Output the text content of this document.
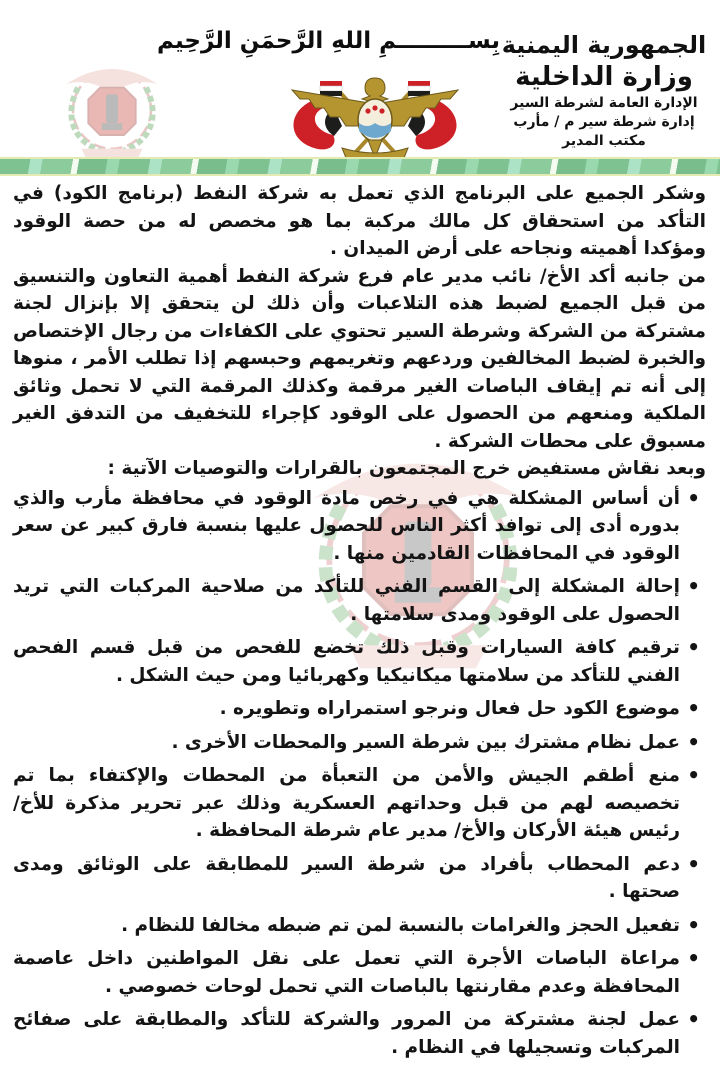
بِســـــــــمِ اللهِ الرَّحمَنِ الرَّحِيم الجمهورية اليمنية
وزارة الداخلية
الإدارة العامة لشرطة السير
إدارة شرطة سير م / مأرب
مكتب المدير

وشكر الجميع على البرنامج الذي تعمل به شركة النفط (برنامج الكود) في التأكد من استحقاق كل مالك مركبة بما هو مخصص له من حصة الوقود ومؤكدا أهميته ونجاحه على أرض الميدان .

من جانبه أكد الأخ/ نائب مدير عام فرع شركة النفط أهمية التعاون والتنسيق من قبل الجميع لضبط هذه التلاعبات وأن ذلك لن يتحقق إلا بإنزال لجنة مشتركة من الشركة وشرطة السير تحتوي على الكفاءات من رجال الإختصاص والخبرة لضبط المخالفين وردعهم وتغريمهم وحبسهم إذا تطلب الأمر ، منوها إلى أنه تم إيقاف الباصات الغير مرقمة وكذلك المرقمة التي لا تحمل وثائق الملكية ومنعهم من الحصول على الوقود كإجراء للتخفيف من التدفق الغير مسبوق على محطات الشركة .

وبعد نقاش مستفيض خرج المجتمعون بالقرارات والتوصيات الآتية :

• أن أساس المشكلة هي في رخص مادة الوقود في محافظة مأرب والذي بدوره أدى إلى توافد أكثر الناس للحصول عليها بنسبة فارق كبير عن سعر الوقود في المحافظات القادمين منها .
• إحالة المشكلة إلى القسم الفني للتأكد من صلاحية المركبات التي تريد الحصول على الوقود ومدى سلامتها .
• ترقيم كافة السيارات وقبل ذلك تخضع للفحص من قبل قسم الفحص الفني للتأكد من سلامتها ميكانيكيا وكهربائيا ومن حيث الشكل .
• موضوع الكود حل فعال ونرجو استمراراه وتطويره .
• عمل نظام مشترك بين شرطة السير والمحطات الأخرى .
• منع أطقم الجيش والأمن من التعبأة من المحطات والإكتفاء بما تم تخصيصه لهم من قبل وحداتهم العسكرية وذلك عبر تحرير مذكرة للأخ/ رئيس هيئة الأركان والأخ/ مدير عام شرطة المحافظة .
• دعم المحطاب بأفراد من شرطة السير للمطابقة على الوثائق ومدى صحتها .
• تفعيل الحجز والغرامات بالنسبة لمن تم ضبطه مخالفا للنظام .
• مراعاة الباصات الأجرة التي تعمل على نقل المواطنين داخل عاصمة المحافظة وعدم مقارنتها بالباصات التي تحمل لوحات خصوصي .
• عمل لجنة مشتركة من المرور والشركة للتأكد والمطابقة على صفائح المركبات وتسجيلها في النظام .
